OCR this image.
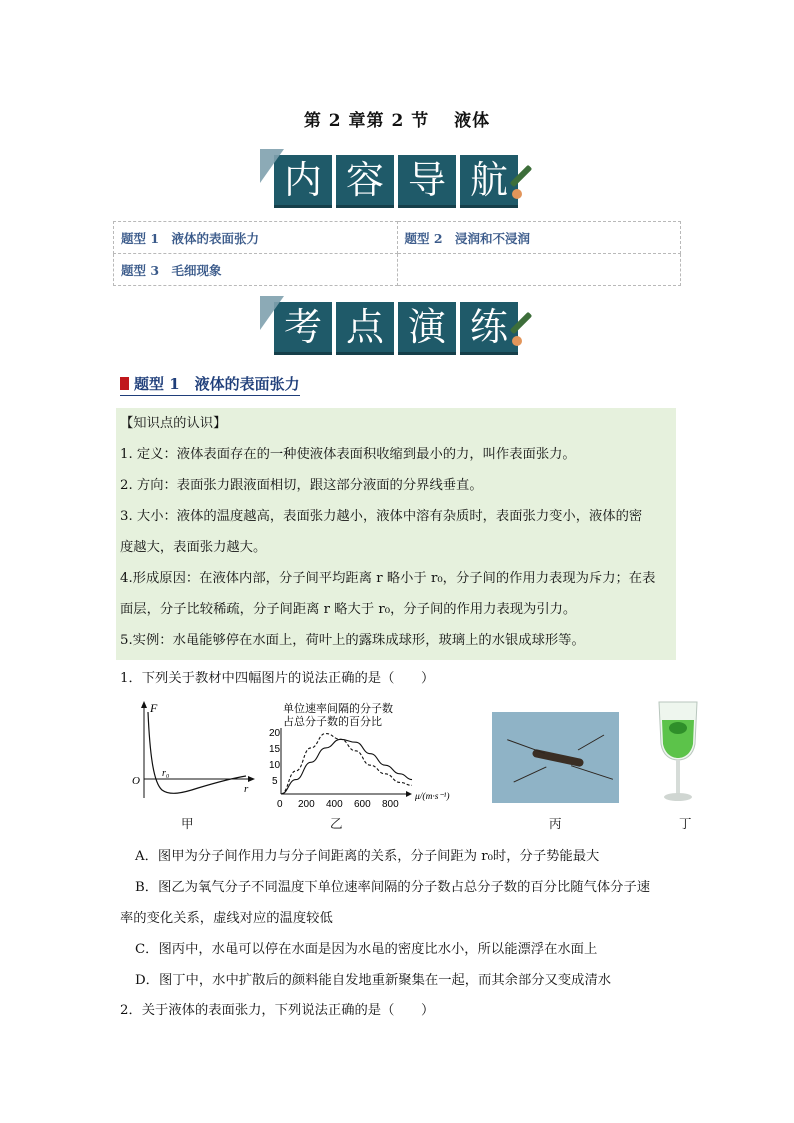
第 2 章第 2 节　 液体
内 容 导 航
题型 1　液体的表面张力	题型 2　浸润和不浸润
题型 3　毛细现象	
考 点 演 练
题型 1　液体的表面张力

【知识点的认识】

1. 定义：液体表面存在的一种使液体表面积收缩到最小的力，叫作表面张力。

2. 方向：表面张力跟液面相切，跟这部分液面的分界线垂直。

3. 大小：液体的温度越高，表面张力越小，液体中溶有杂质时，表面张力变小，液体的密

度越大，表面张力越大。

4.形成原因：在液体内部，分子间平均距离 r 略小于 r₀，分子间的作用力表现为斥力；在表

面层，分子比较稀疏，分子间距离 r 略大于 r₀，分子间的作用力表现为引力。

5.实例：水黾能够停在水面上，荷叶上的露珠成球形，玻璃上的水银成球形等。

1．下列关于教材中四幅图片的说法正确的是（　　）
F
O
r₀
r
甲
单位速率间隔的分子数
占总分子数的百分比
20
15
10
5
0 200 400 600 800
μ/(m·s⁻¹)
乙	丙	丁
A．图甲为分子间作用力与分子间距离的关系，分子间距为 r₀时，分子势能最大
B．图乙为氧气分子不同温度下单位速率间隔的分子数占总分子数的百分比随气体分子速
率的变化关系，虚线对应的温度较低
C．图丙中，水黾可以停在水面是因为水黾的密度比水小，所以能漂浮在水面上
D．图丁中，水中扩散后的颜料能自发地重新聚集在一起，而其余部分又变成清水
2．关于液体的表面张力，下列说法正确的是（　　）
